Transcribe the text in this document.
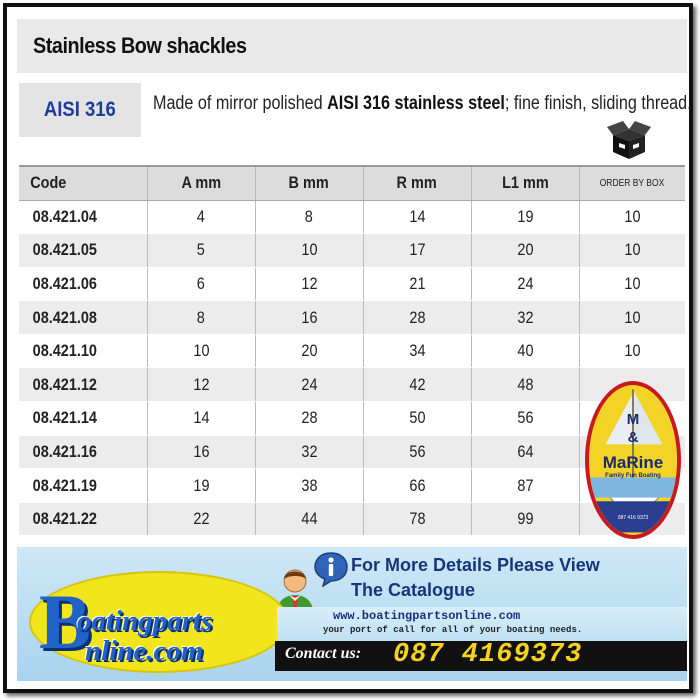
Stainless Bow shackles
AISI 316 Made of mirror polished AISI 316 stainless steel; fine finish, sliding thread.
Code	A mm	B mm	R mm	L1 mm	ORDER BY BOX
08.421.04	4	8	14	19	10
08.421.05	5	10	17	20	10
08.421.06	6	12	21	24	10
08.421.08	8	16	28	32	10
08.421.10	10	20	34	40	10
08.421.12	12	24	42	48	
08.421.14	14	28	50	56	
08.421.16	16	32	56	64	
08.421.19	19	38	66	87	
08.421.22	22	44	78	99	
M
&
MaRine
Family Fun Boating
087 416 9373
For More Details Please View
The Catalogue
B
oatingparts
nline.com
www.boatingpartsonline.com
your port of call for all of your boating needs.
Contact us: 087 4169373
